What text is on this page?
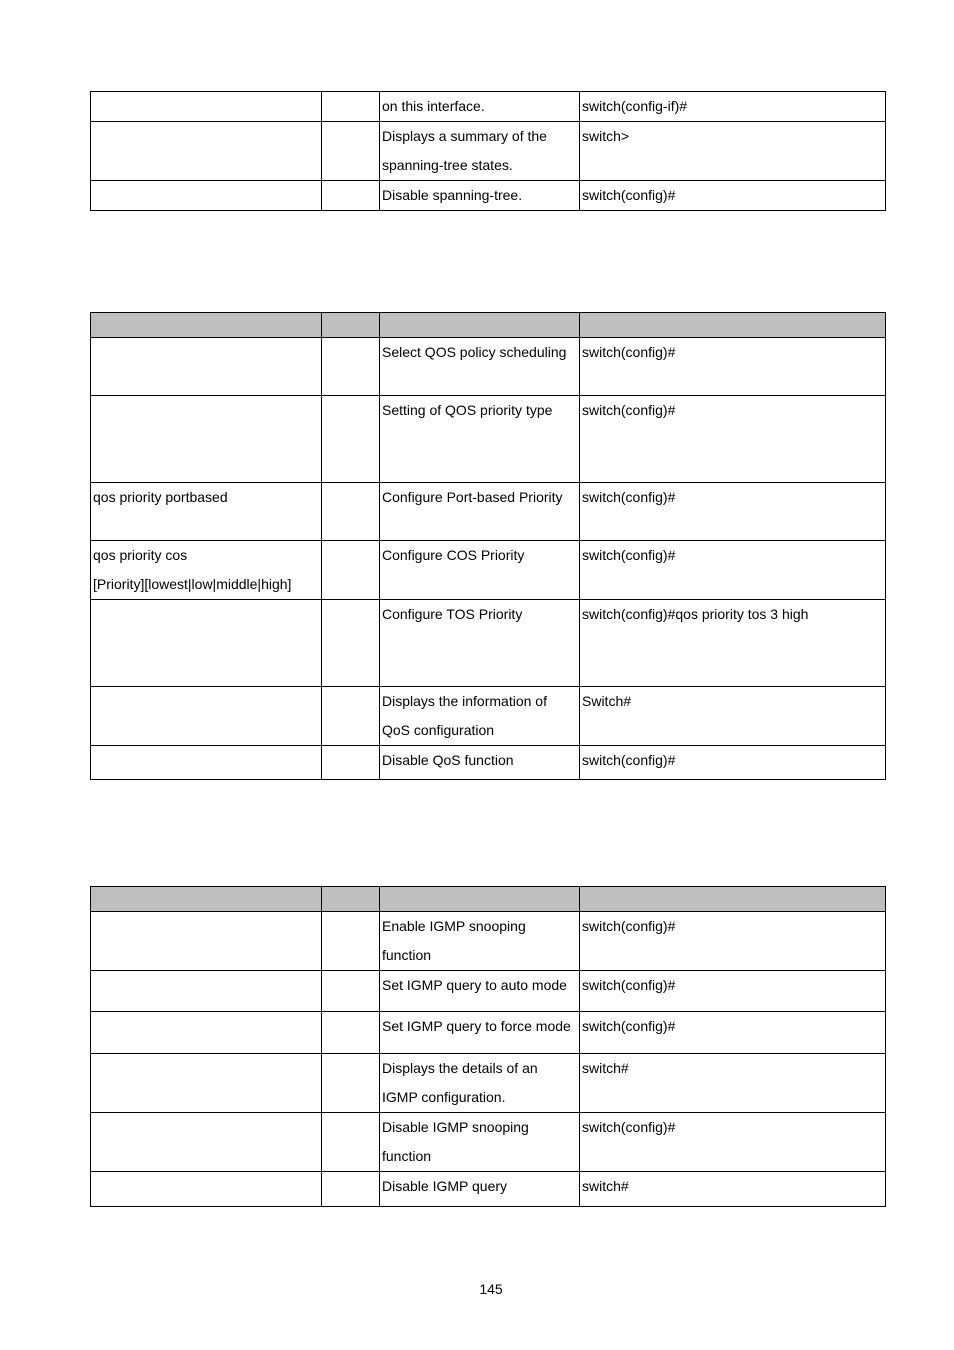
		on this interface.	switch(config-if)#
		Displays a summary of the spanning-tree states.	switch>
		Disable spanning-tree.	switch(config)#

		Select QOS policy scheduling	switch(config)#
		Setting of QOS priority type	switch(config)#
qos priority portbased		Configure Port-based Priority	switch(config)#

qos priority cos
[Priority][lowest|low|middle|high]		Configure COS Priority	switch(config)#
		Configure TOS Priority	switch(config)#qos priority tos 3 high
		Displays the information of QoS configuration	Switch#
		Disable QoS function	switch(config)#

		Enable IGMP snooping function	switch(config)#
		Set IGMP query to auto mode	switch(config)#
		Set IGMP query to force mode	switch(config)#
		Displays the details of an IGMP configuration.	switch#
		Disable IGMP snooping function	switch(config)#
		Disable IGMP query	switch#
145
